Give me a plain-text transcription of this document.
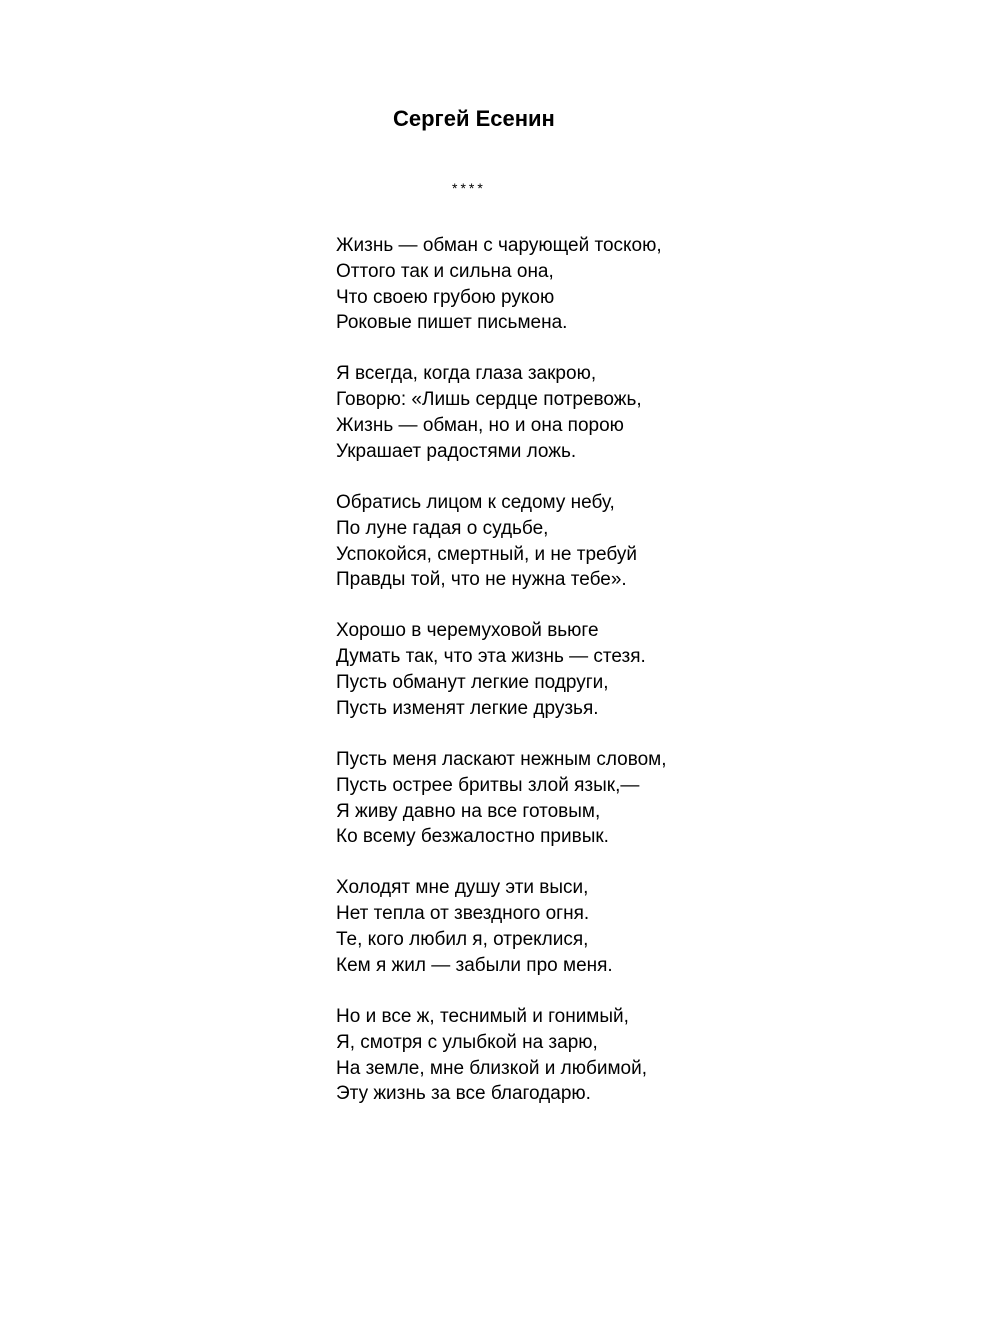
Сергей Есенин
****
Жизнь — обман с чарующей тоскою,
Оттого так и сильна она,
Что своею грубою рукою
Роковые пишет письмена.
Я всегда, когда глаза закрою,
Говорю: «Лишь сердце потревожь,
Жизнь — обман, но и она порою
Украшает радостями ложь.
Обратись лицом к седому небу,
По луне гадая о судьбе,
Успокойся, смертный, и не требуй
Правды той, что не нужна тебе».
Хорошо в черемуховой вьюге
Думать так, что эта жизнь — стезя.
Пусть обманут легкие подруги,
Пусть изменят легкие друзья.
Пусть меня ласкают нежным словом,
Пусть острее бритвы злой язык,—
Я живу давно на все готовым,
Ко всему безжалостно привык.
Холодят мне душу эти выси,
Нет тепла от звездного огня.
Те, кого любил я, отреклися,
Кем я жил — забыли про меня.
Но и все ж, теснимый и гонимый,
Я, смотря с улыбкой на зарю,
На земле, мне близкой и любимой,
Эту жизнь за все благодарю.
